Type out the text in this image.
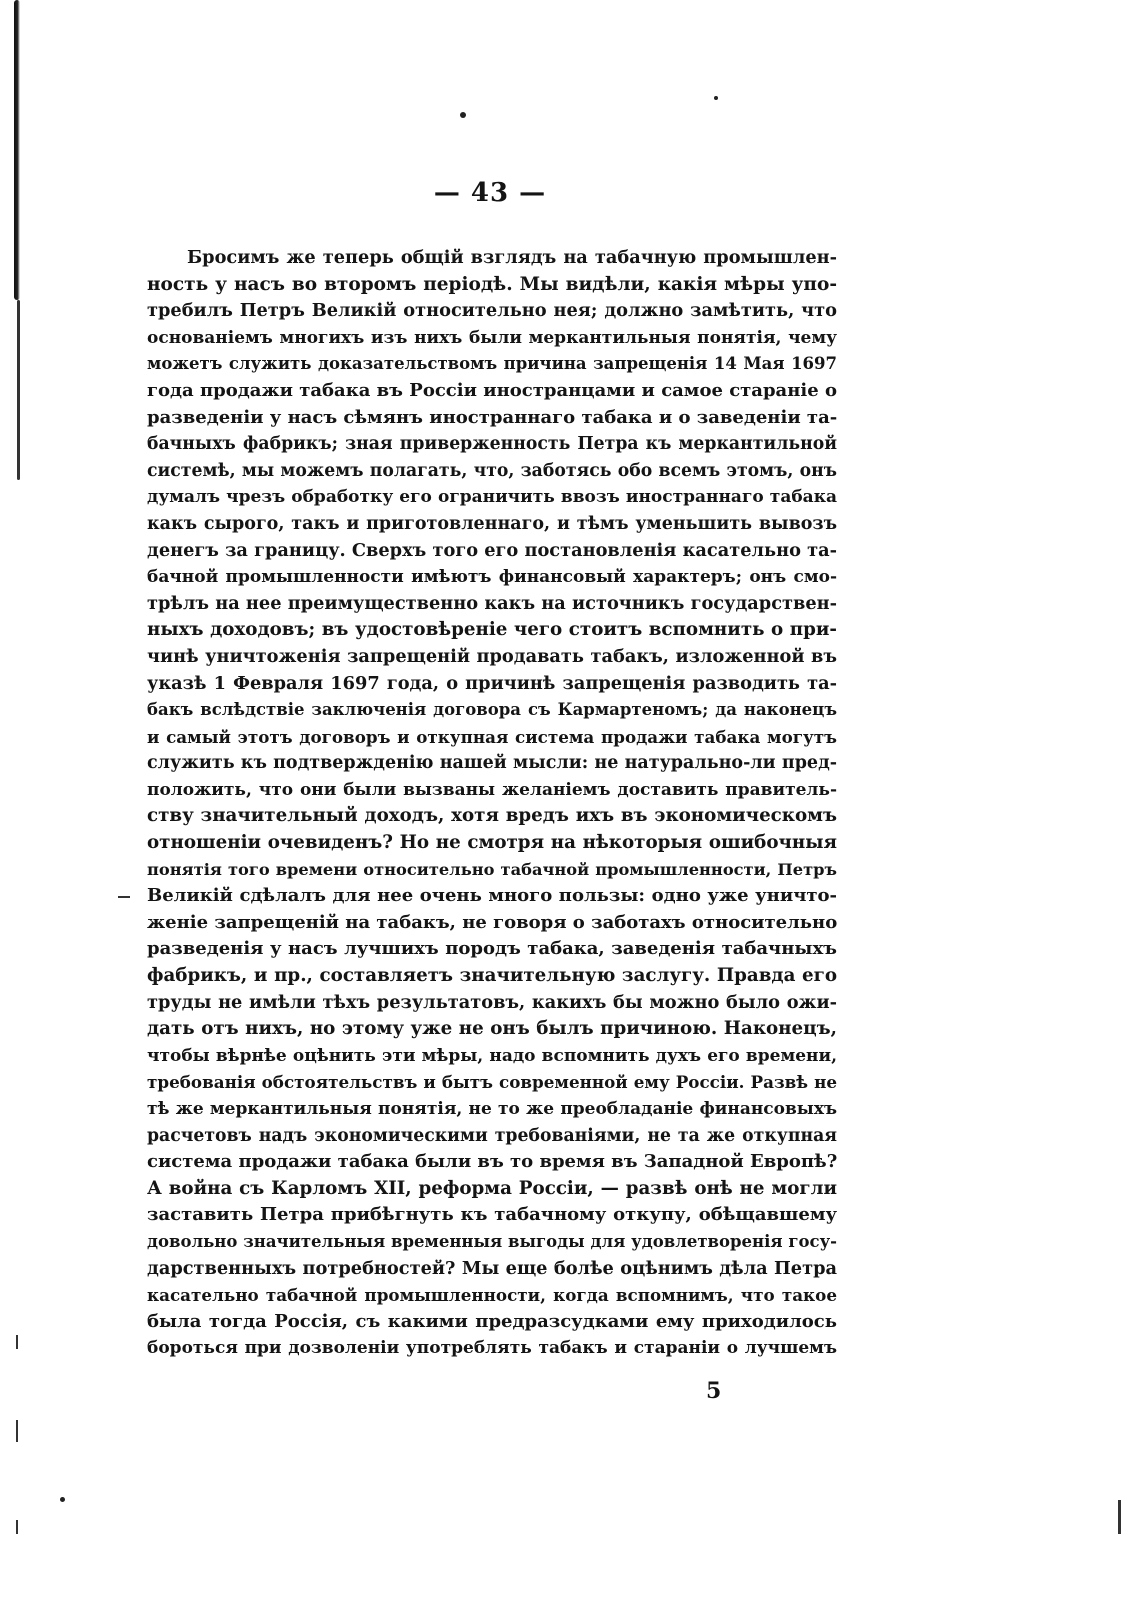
— 43 —
Бросимъ же теперь общій взглядъ на табачную промышлен-
ность у насъ во второмъ періодѣ. Мы видѣли, какія мѣры упо-
требилъ Петръ Великій относительно нея; должно замѣтить, что
основаніемъ многихъ изъ нихъ были меркантильныя понятія, чему
можетъ служить доказательствомъ причина запрещенія 14 Мая 1697
года продажи табака въ Россіи иностранцами и самое стараніе о
разведеніи у насъ сѣмянъ иностраннаго табака и о заведеніи та-
бачныхъ фабрикъ; зная приверженность Петра къ меркантильной
системѣ, мы можемъ полагать, что, заботясь обо всемъ этомъ, онъ
думалъ чрезъ обработку его ограничить ввозъ иностраннаго табака
какъ сырого, такъ и приготовленнаго, и тѣмъ уменьшить вывозъ
денегъ за границу. Сверхъ того его постановленія касательно та-
бачной промышленности имѣютъ финансовый характеръ; онъ смо-
трѣлъ на нее преимущественно какъ на источникъ государствен-
ныхъ доходовъ; въ удостовѣреніе чего стоитъ вспомнить о при-
чинѣ уничтоженія запрещеній продавать табакъ, изложенной въ
указѣ 1 Февраля 1697 года, о причинѣ запрещенія разводить та-
бакъ вслѣдствіе заключенія договора съ Кармартеномъ; да наконецъ
и самый этотъ договоръ и откупная система продажи табака могутъ
служить къ подтвержденію нашей мысли: не натурально-ли пред-
положить, что они были вызваны желаніемъ доставить правитель-
ству значительный доходъ, хотя вредъ ихъ въ экономическомъ
отношеніи очевиденъ? Но не смотря на нѣкоторыя ошибочныя
понятія того времени относительно табачной промышленности, Петръ
Великій сдѣлалъ для нее очень много пользы: одно уже уничто-
женіе запрещеній на табакъ, не говоря о заботахъ относительно
разведенія у насъ лучшихъ породъ табака, заведенія табачныхъ
фабрикъ, и пр., составляетъ значительную заслугу. Правда его
труды не имѣли тѣхъ результатовъ, какихъ бы можно было ожи-
дать отъ нихъ, но этому уже не онъ былъ причиною. Наконецъ,
чтобы вѣрнѣе оцѣнить эти мѣры, надо вспомнить духъ его времени,
требованія обстоятельствъ и бытъ современной ему Россіи. Развѣ не
тѣ же меркантильныя понятія, не то же преобладаніе финансовыхъ
расчетовъ надъ экономическими требованіями, не та же откупная
система продажи табака были въ то время въ Западной Европѣ?
А война съ Карломъ XII, реформа Россіи, — развѣ онѣ не могли
заставить Петра прибѣгнуть къ табачному откупу, обѣщавшему
довольно значительныя временныя выгоды для удовлетворенія госу-
дарственныхъ потребностей? Мы еще болѣе оцѣнимъ дѣла Петра
касательно табачной промышленности, когда вспомнимъ, что такое
была тогда Россія, съ какими предразсудками ему приходилось
бороться при дозволеніи употреблять табакъ и стараніи о лучшемъ
5
